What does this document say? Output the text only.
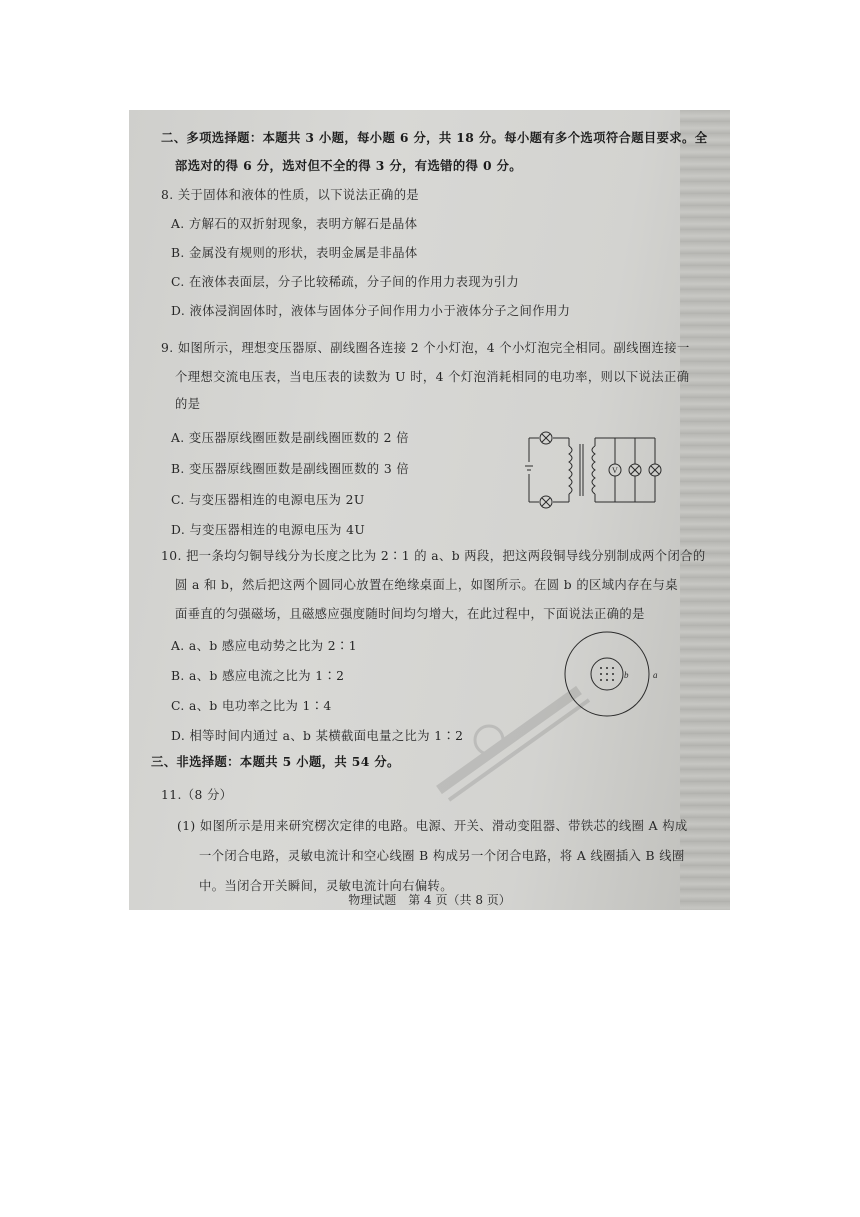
二、多项选择题：本题共 3 小题，每小题 6 分，共 18 分。每小题有多个选项符合题目要求。全
部选对的得 6 分，选对但不全的得 3 分，有选错的得 0 分。
8. 关于固体和液体的性质，以下说法正确的是
A. 方解石的双折射现象，表明方解石是晶体
B. 金属没有规则的形状，表明金属是非晶体
C. 在液体表面层，分子比较稀疏，分子间的作用力表现为引力
D. 液体浸润固体时，液体与固体分子间作用力小于液体分子之间作用力
9. 如图所示，理想变压器原、副线圈各连接 2 个小灯泡，4 个小灯泡完全相同。副线圈连接一
个理想交流电压表，当电压表的读数为 U 时，4 个灯泡消耗相同的电功率，则以下说法正确
的是
A. 变压器原线圈匝数是副线圈匝数的 2 倍
B. 变压器原线圈匝数是副线圈匝数的 3 倍
C. 与变压器相连的电源电压为 2U
D. 与变压器相连的电源电压为 4U
V
10. 把一条均匀铜导线分为长度之比为 2∶1 的 a、b 两段，把这两段铜导线分别制成两个闭合的
圆 a 和 b，然后把这两个圆同心放置在绝缘桌面上，如图所示。在圆 b 的区域内存在与桌
面垂直的匀强磁场，且磁感应强度随时间均匀增大，在此过程中，下面说法正确的是
A. a、b 感应电动势之比为 2∶1
B. a、b 感应电流之比为 1∶2
C. a、b 电功率之比为 1∶4
D. 相等时间内通过 a、b 某横截面电量之比为 1∶2
b	a
三、非选择题：本题共 5 小题，共 54 分。
11.（8 分）
(1) 如图所示是用来研究楞次定律的电路。电源、开关、滑动变阻器、带铁芯的线圈 A 构成
一个闭合电路，灵敏电流计和空心线圈 B 构成另一个闭合电路，将 A 线圈插入 B 线圈
中。当闭合开关瞬间，灵敏电流计向右偏转。
物理试题　第 4 页（共 8 页）
